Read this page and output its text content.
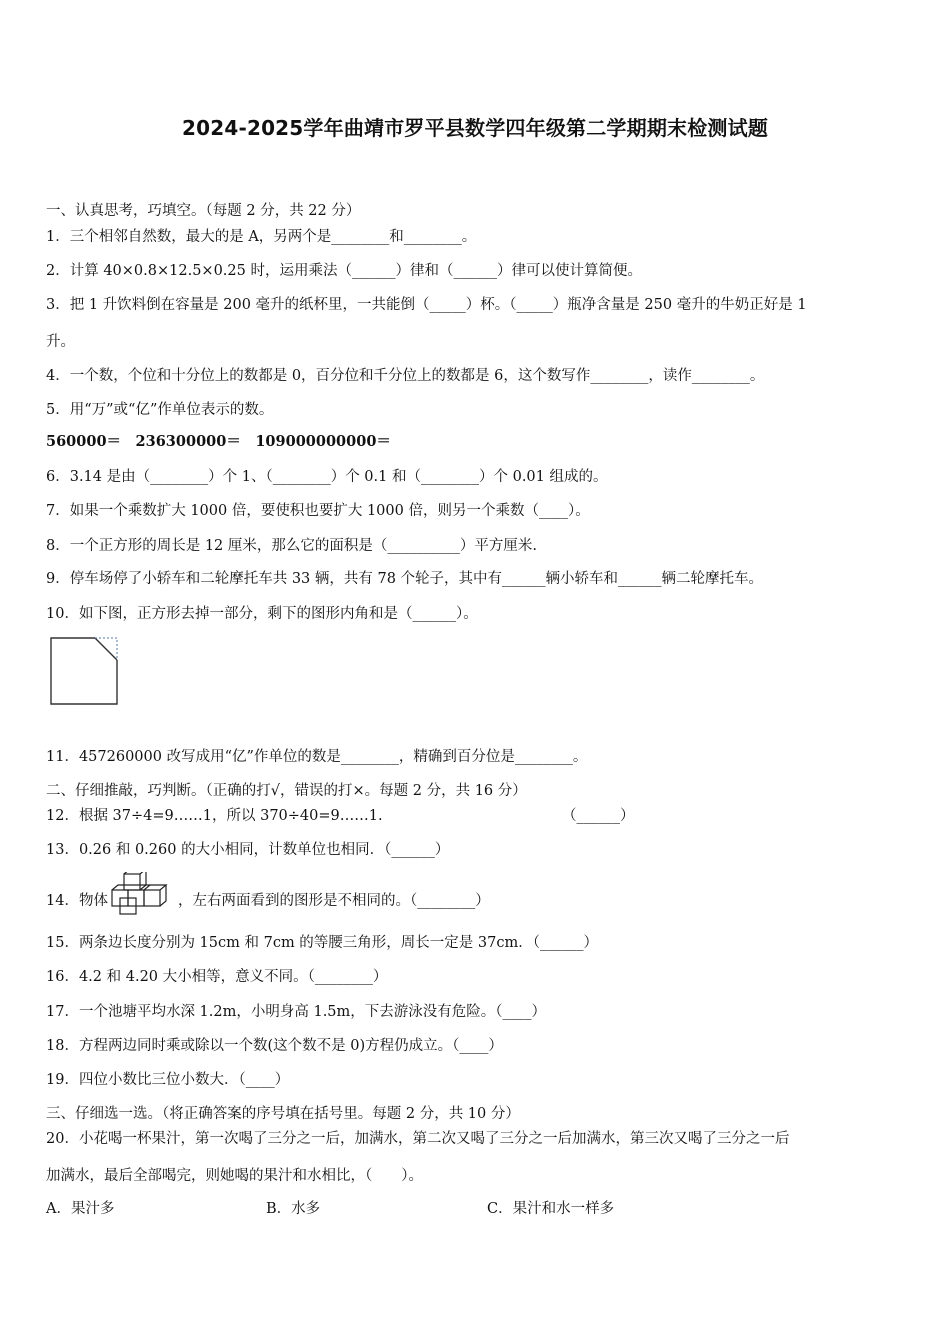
2024-2025学年曲靖市罗平县数学四年级第二学期期末检测试题
一、认真思考，巧填空。（每题 2 分，共 22 分）
1．三个相邻自然数，最大的是 A，另两个是________和________。
2．计算 40×0.8×12.5×0.25 时，运用乘法（______）律和（______）律可以使计算简便。
3．把 1 升饮料倒在容量是 200 毫升的纸杯里，一共能倒（_____）杯。（_____）瓶净含量是 250 毫升的牛奶正好是 1
升。
4．一个数，个位和十分位上的数都是 0，百分位和千分位上的数都是 6，这个数写作________，读作________。
5．用“万”或“亿”作单位表示的数。
560000＝　236300000＝　109000000000＝
6．3.14 是由（________）个 1、（________）个 0.1 和（________）个 0.01 组成的。
7．如果一个乘数扩大 1000 倍，要使积也要扩大 1000 倍，则另一个乘数（____）。
8．一个正方形的周长是 12 厘米，那么它的面积是（__________）平方厘米.
9．停车场停了小轿车和二轮摩托车共 33 辆，共有 78 个轮子，其中有______辆小轿车和______辆二轮摩托车。
10．如下图，正方形去掉一部分，剩下的图形内角和是（______）。
11．457260000 改写成用“亿”作单位的数是________，精确到百分位是________。
二、仔细推敲，巧判断。（正确的打√，错误的打×。每题 2 分，共 16 分）
12．根据 37÷4=9……1，所以 370÷40=9……1.	（______）
13．0.26 和 0.260 的大小相同，计数单位也相同．（______）
14．物体	，左右两面看到的图形是不相同的。（________）
15．两条边长度分别为 15cm 和 7cm 的等腰三角形，周长一定是 37cm．（______）
16．4.2 和 4.20 大小相等，意义不同。（________）
17．一个池塘平均水深 1.2m，小明身高 1.5m，下去游泳没有危险。（____）
18．方程两边同时乘或除以一个数(这个数不是 0)方程仍成立。（____）
19．四位小数比三位小数大．（____）
三、仔细选一选。（将正确答案的序号填在括号里。每题 2 分，共 10 分）
20．小花喝一杯果汁，第一次喝了三分之一后，加满水，第二次又喝了三分之一后加满水，第三次又喝了三分之一后
加满水，最后全部喝完，则她喝的果汁和水相比，（　　）。
A．果汁多	B．水多	C．果汁和水一样多
